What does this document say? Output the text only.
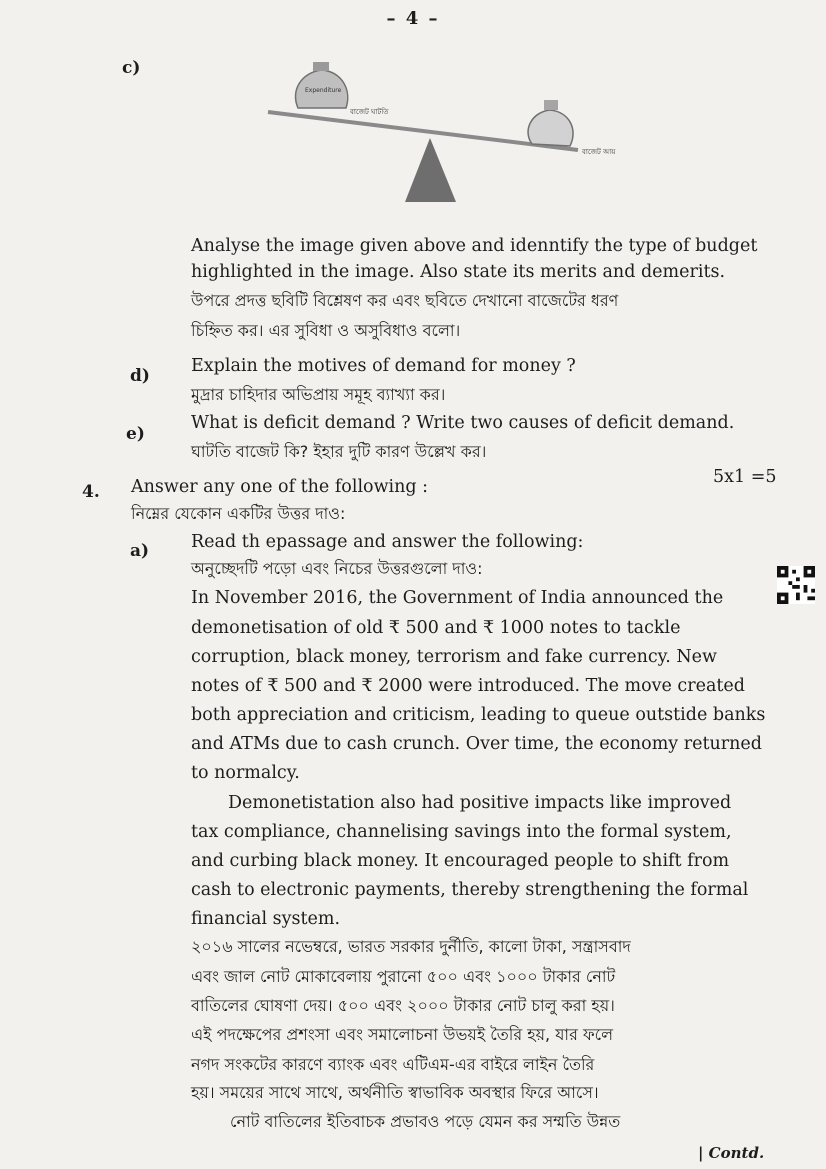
– 4 –
c)
Expenditure
বাজেট ঘাটতি
বাজেট আয়
Analyse the image given above and idenntify the type of budget
highlighted in the image. Also state its merits and demerits.
উপরে প্রদত্ত ছবিটি বিশ্লেষণ কর এবং ছবিতে দেখানো বাজেটের ধরণ
চিহ্নিত কর। এর সুবিধা ও অসুবিধাও বলো।
d) Explain the motives of demand for money ?
মুদ্রার চাহিদার অভিপ্রায় সমূহ ব্যাখ্যা কর।
e)
What is deficit demand ? Write two causes of deficit demand.
ঘাটতি বাজেট কি? ইহার দুটি কারণ উল্লেখ কর।
4. Answer any one of the following :	5x1 =5
নিম্নের যেকোন একটির উত্তর দাও:
a) Read th epassage and answer the following:
অনুচ্ছেদটি পড়ো এবং নিচের উত্তরগুলো দাও:
In November 2016, the Government of India announced the
demonetisation of old ₹ 500 and ₹ 1000 notes to tackle
corruption, black money, terrorism and fake currency. New
notes of ₹ 500 and ₹ 2000 were introduced. The move created
both appreciation and criticism, leading to queue outstide banks
and ATMs due to cash crunch. Over time, the economy returned
to normalcy.
Demonetistation also had positive impacts like improved
tax compliance, channelising savings into the formal system,
and curbing black money. It encouraged people to shift from
cash to electronic payments, thereby strengthening the formal
financial system.
২০১৬ সালের নভেম্বরে, ভারত সরকার দুর্নীতি, কালো টাকা, সন্ত্রাসবাদ
এবং জাল নোট মোকাবেলায় পুরানো ৫০০ এবং ১০০০ টাকার নোট
বাতিলের ঘোষণা দেয়। ৫০০ এবং ২০০০ টাকার নোট চালু করা হয়।
এই পদক্ষেপের প্রশংসা এবং সমালোচনা উভয়ই তৈরি হয়, যার ফলে
নগদ সংকটের কারণে ব্যাংক এবং এটিএম-এর বাইরে লাইন তৈরি
হয়। সময়ের সাথে সাথে, অর্থনীতি স্বাভাবিক অবস্থার ফিরে আসে।
নোট বাতিলের ইতিবাচক প্রভাবও পড়ে যেমন কর সম্মতি উন্নত
| Contd.
